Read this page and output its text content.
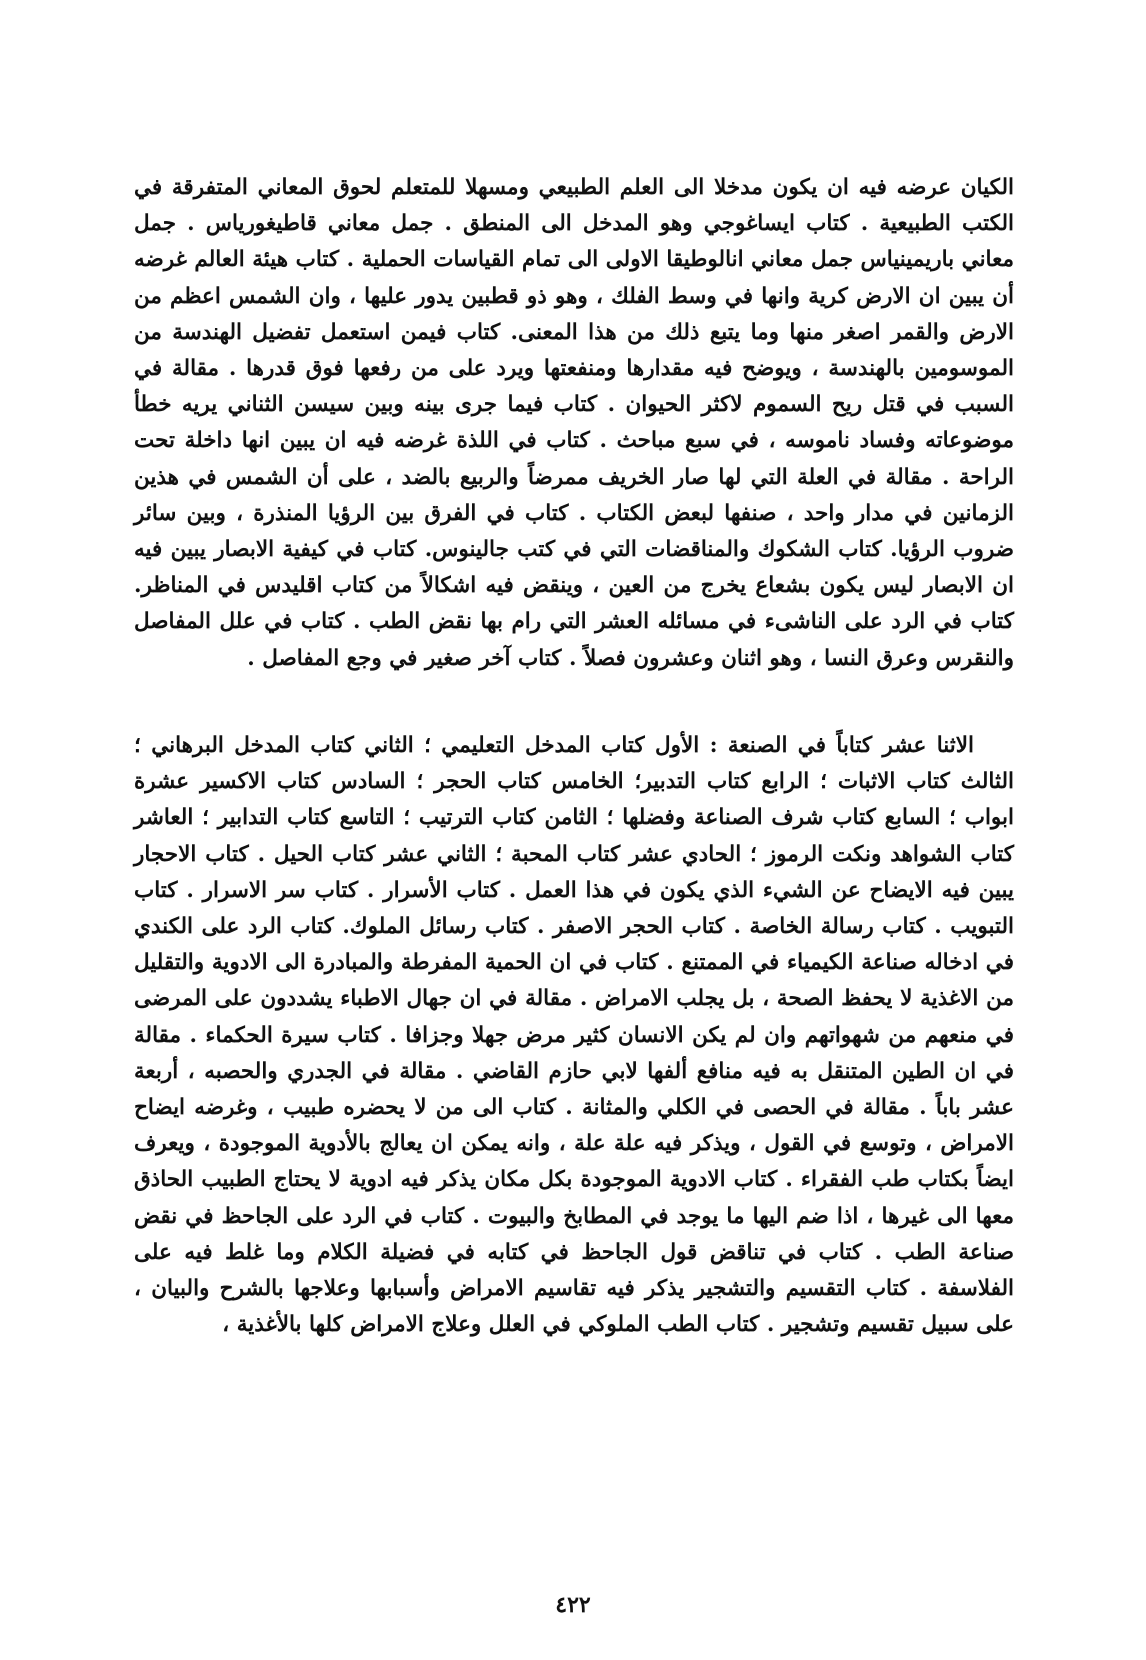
الكيان عرضه فيه ان يكون مدخلا الى العلم الطبيعي ومسهلا للمتعلم لحوق المعاني المتفرقة في الكتب الطبيعية . كتاب ايساغوجي وهو المدخل الى المنطق . جمل معاني قاطيغورياس . جمل معاني باريمينياس جمل معاني انالوطيقا الاولى الى تمام القياسات الحملية . كتاب هيئة العالم غرضه أن يبين ان الارض كرية وانها في وسط الفلك ، وهو ذو قطبين يدور عليها ، وان الشمس اعظم من الارض والقمر اصغر منها وما يتبع ذلك من هذا المعنى. كتاب فيمن استعمل تفضيل الهندسة من الموسومين بالهندسة ، ويوضح فيه مقدارها ومنفعتها ويرد على من رفعها فوق قدرها . مقالة في السبب في قتل ريح السموم لاكثر الحيوان . كتاب فيما جرى بينه وبين سيسن الثناني يريه خطأ موضوعاته وفساد ناموسه ، في سبع مباحث . كتاب في اللذة غرضه فيه ان يبين انها داخلة تحت الراحة . مقالة في العلة التي لها صار الخريف ممرضاً والربيع بالضد ، على أن الشمس في هذين الزمانين في مدار واحد ، صنفها لبعض الكتاب . كتاب في الفرق بين الرؤيا المنذرة ، وبين سائر ضروب الرؤيا. كتاب الشكوك والمناقضات التي في كتب جالينوس. كتاب في كيفية الابصار يبين فيه ان الابصار ليس يكون بشعاع يخرج من العين ، وينقض فيه اشكالاً من كتاب اقليدس في المناظر. كتاب في الرد على الناشىء في مسائله العشر التي رام بها نقض الطب . كتاب في علل المفاصل والنقرس وعرق النسا ، وهو اثنان وعشرون فصلاً . كتاب آخر صغير في وجع المفاصل .

الاثنا عشر كتاباً في الصنعة : الأول كتاب المدخل التعليمي ؛ الثاني كتاب المدخل البرهاني ؛ الثالث كتاب الاثبات ؛ الرابع كتاب التدبير؛ الخامس كتاب الحجر ؛ السادس كتاب الاكسير عشرة ابواب ؛ السابع كتاب شرف الصناعة وفضلها ؛ الثامن كتاب الترتيب ؛ التاسع كتاب التدابير ؛ العاشر كتاب الشواهد ونكت الرموز ؛ الحادي عشر كتاب المحبة ؛ الثاني عشر كتاب الحيل . كتاب الاحجار يبين فيه الايضاح عن الشيء الذي يكون في هذا العمل . كتاب الأسرار . كتاب سر الاسرار . كتاب التبويب . كتاب رسالة الخاصة . كتاب الحجر الاصفر . كتاب رسائل الملوك. كتاب الرد على الكندي في ادخاله صناعة الكيمياء في الممتنع . كتاب في ان الحمية المفرطة والمبادرة الى الادوية والتقليل من الاغذية لا يحفظ الصحة ، بل يجلب الامراض . مقالة في ان جهال الاطباء يشددون على المرضى في منعهم من شهواتهم وان لم يكن الانسان كثير مرض جهلا وجزافا . كتاب سيرة الحكماء . مقالة في ان الطين المتنقل به فيه منافع ألفها لابي حازم القاضي . مقالة في الجدري والحصبه ، أربعة عشر باباً . مقالة في الحصى في الكلي والمثانة . كتاب الى من لا يحضره طبيب ، وغرضه ايضاح الامراض ، وتوسع في القول ، ويذكر فيه علة علة ، وانه يمكن ان يعالج بالأدوية الموجودة ، ويعرف ايضاً بكتاب طب الفقراء . كتاب الادوية الموجودة بكل مكان يذكر فيه ادوية لا يحتاج الطبيب الحاذق معها الى غيرها ، اذا ضم اليها ما يوجد في المطابخ والبيوت . كتاب في الرد على الجاحظ في نقض صناعة الطب . كتاب في تناقض قول الجاحظ في كتابه في فضيلة الكلام وما غلط فيه على الفلاسفة . كتاب التقسيم والتشجير يذكر فيه تقاسيم الامراض وأسبابها وعلاجها بالشرح والبيان ، على سبيل تقسيم وتشجير . كتاب الطب الملوكي في العلل وعلاج الامراض كلها بالأغذية ،

٤٢٢
